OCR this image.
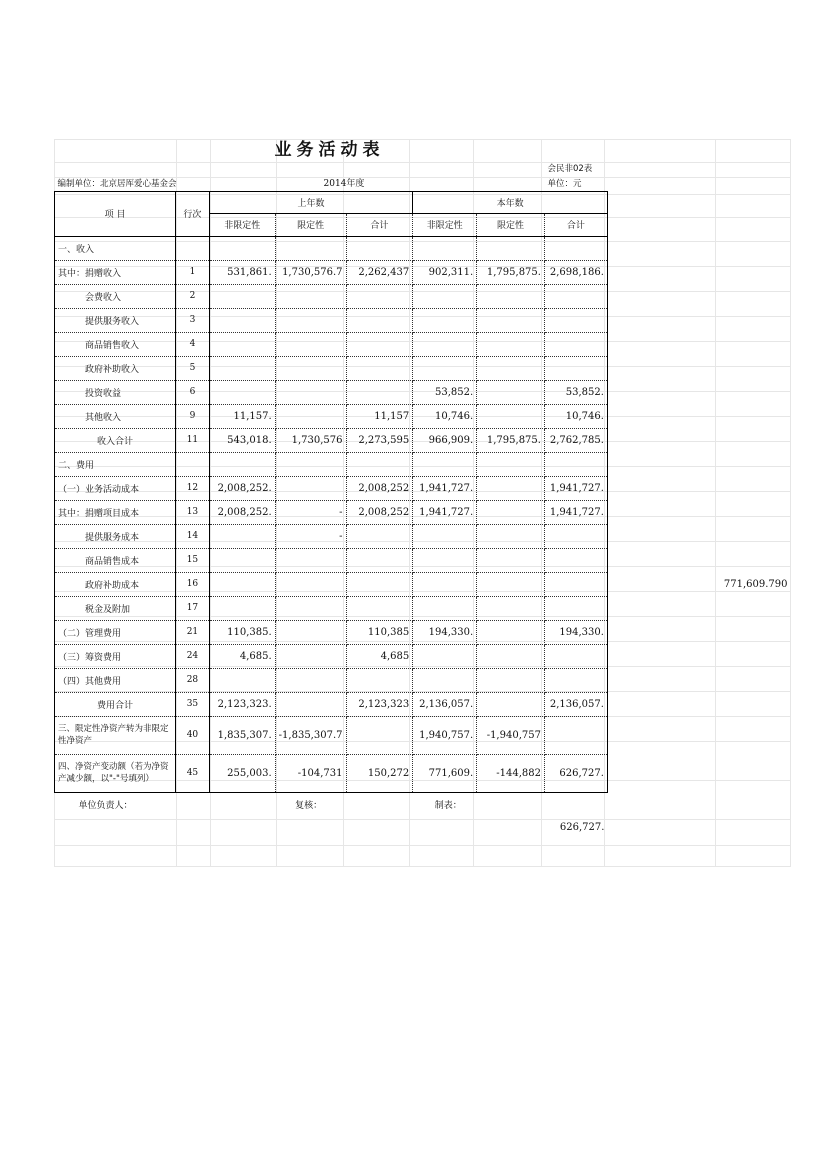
							会民非02表		
编制单位：北京居厍爱心基金会			2014年度				单位：元		
项 目	行次	上年数			本年数				
		非限定性	限定性	合计	非限定性	限定性	合计		
一、收入									
其中：捐赠收入	1	531,861.	1,730,576.7	2,262,437	902,311.	1,795,875.	2,698,186.		
会费收入	2								
提供服务收入	3								
商品销售收入	4								
政府补助收入	5								
投资收益	6				53,852.		53,852.		
其他收入	9	11,157.		11,157	10,746.		10,746.		
收入合计	11	543,018.	1,730,576	2,273,595	966,909.	1,795,875.	2,762,785.		
二、费用									
（一）业务活动成本	12	2,008,252.		2,008,252	1,941,727.		1,941,727.		
其中：捐赠项目成本	13	2,008,252.	-	2,008,252	1,941,727.		1,941,727.		
提供服务成本	14		-						
商品销售成本	15								
政府补助成本	16								771,609.790
税金及附加	17								
（二）管理费用	21	110,385.		110,385	194,330.		194,330.		
（三）筹资费用	24	4,685.		4,685					
（四）其他费用	28								
费用合计	35	2,123,323.		2,123,323	2,136,057.		2,136,057.		
三、限定性净资产转为非限定性净资产	40	1,835,307.	-1,835,307.7		1,940,757.	-1,940,757			
四、净资产变动额（若为净资产减少额，以"-"号填列）	45	255,003.	-104,731	150,272	771,609.	-144,882	626,727.		
单位负责人：			复核：		制表：				
							626,727.		
业务活动表
